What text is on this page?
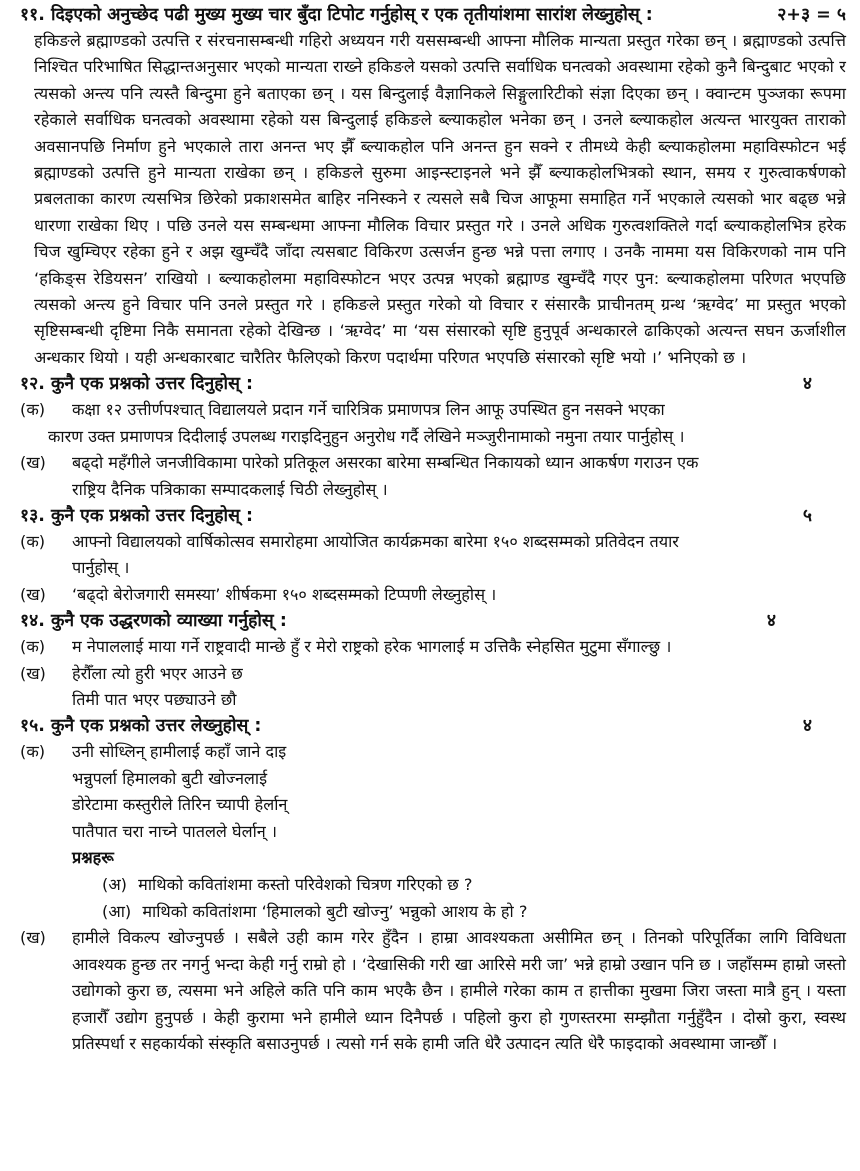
११. दिइएको अनुच्छेद पढी मुख्य मुख्य चार बुँदा टिपोट गर्नुहोस् र एक तृतीयांशमा सारांश लेख्नुहोस् :	२+३ = ५

हकिङले ब्रह्माण्डको उत्पत्ति र संरचनासम्बन्धी गहिरो अध्ययन गरी यससम्बन्धी आफ्ना मौलिक मान्यता प्रस्तुत गरेका छन् । ब्रह्माण्डको उत्पत्ति निश्चित परिभाषित सिद्धान्तअनुसार भएको मान्यता राख्ने हकिङले यसको उत्पत्ति सर्वाधिक घनत्वको अवस्थामा रहेको कुनै बिन्दुबाट भएको र त्यसको अन्त्य पनि त्यस्तै बिन्दुमा हुने बताएका छन् । यस बिन्दुलाई वैज्ञानिकले सिङ्गुलारिटीको संज्ञा दिएका छन् । क्वान्टम पुञ्जका रूपमा रहेकाले सर्वाधिक घनत्वको अवस्थामा रहेको यस बिन्दुलाई हकिङले ब्ल्याकहोल भनेका छन् । उनले ब्ल्याकहोल अत्यन्त भारयुक्त ताराको अवसानपछि निर्माण हुने भएकाले तारा अनन्त भए झैँ ब्ल्याकहोल पनि अनन्त हुन सक्ने र तीमध्ये केही ब्ल्याकहोलमा महाविस्फोटन भई ब्रह्माण्डको उत्पत्ति हुने मान्यता राखेका छन् । हकिङले सुरुमा आइन्स्टाइनले भने झैँ ब्ल्याकहोलभित्रको स्थान, समय र गुरुत्वाकर्षणको प्रबलताका कारण त्यसभित्र छिरेको प्रकाशसमेत बाहिर ननिस्कने र त्यसले सबै चिज आफूमा समाहित गर्ने भएकाले त्यसको भार बढ्छ भन्ने धारणा राखेका थिए । पछि उनले यस सम्बन्धमा आफ्ना मौलिक विचार प्रस्तुत गरे । उनले अधिक गुरुत्वशक्तिले गर्दा ब्ल्याकहोलभित्र हरेक चिज खुम्चिएर रहेका हुने र अझ खुम्चँदै जाँदा त्यसबाट विकिरण उत्सर्जन हुन्छ भन्ने पत्ता लगाए । उनकै नाममा यस विकिरणको नाम पनि ‘हकिङ्स रेडियसन’ राखियो । ब्ल्याकहोलमा महाविस्फोटन भएर उत्पन्न भएको ब्रह्माण्ड खुम्चँदै गएर पुन: ब्ल्याकहोलमा परिणत भएपछि त्यसको अन्त्य हुने विचार पनि उनले प्रस्तुत गरे । हकिङले प्रस्तुत गरेको यो विचार र संसारकै प्राचीनतम् ग्रन्थ ‘ऋग्वेद’ मा प्रस्तुत भएको सृष्टिसम्बन्धी दृष्टिमा निकै समानता रहेको देखिन्छ । ‘ऋग्वेद’ मा ‘यस संसारको सृष्टि हुनुपूर्व अन्धकारले ढाकिएको अत्यन्त सघन ऊर्जाशील अन्धकार थियो । यही अन्धकारबाट चारैतिर फैलिएको किरण पदार्थमा परिणत भएपछि संसारको सृष्टि भयो ।’ भनिएको छ ।

१२. कुनै एक प्रश्नको उत्तर दिनुहोस् :	४

(क) कक्षा १२ उत्तीर्णपश्चात् विद्यालयले प्रदान गर्ने चारित्रिक प्रमाणपत्र लिन आफू उपस्थित हुन नसक्ने भएका
कारण उक्त प्रमाणपत्र दिदीलाई उपलब्ध गराइदिनुहुन अनुरोध गर्दै लेखिने मञ्जुरीनामाको नमुना तयार पार्नुहोस् ।

(ख) बढ्दो महँगीले जनजीविकामा पारेको प्रतिकूल असरका बारेमा सम्बन्धित निकायको ध्यान आकर्षण गराउन एक
राष्ट्रिय दैनिक पत्रिकाका सम्पादकलाई चिठी लेख्नुहोस् ।

१३. कुनै एक प्रश्नको उत्तर दिनुहोस् :	५

(क) आफ्नो विद्यालयको वार्षिकोत्सव समारोहमा आयोजित कार्यक्रमका बारेमा १५० शब्दसम्मको प्रतिवेदन तयार
पार्नुहोस् ।

(ख) ‘बढ्दो बेरोजगारी समस्या’ शीर्षकमा १५० शब्दसम्मको टिप्पणी लेख्नुहोस् ।

१४. कुनै एक उद्धरणको व्याख्या गर्नुहोस् :	४

(क) म नेपाललाई माया गर्ने राष्ट्रवादी मान्छे हुँ र मेरो राष्ट्रको हरेक भागलाई म उत्तिकै स्नेहसित मुटुमा सँगाल्छु ।

(ख) हेरौँला त्यो हुरी भएर आउने छ
तिमी पात भएर पछ्याउने छौ

१५. कुनै एक प्रश्नको उत्तर लेख्नुहोस् :	४
(क) उनी सोध्लिन् हामीलाई कहाँ जाने दाइ
भन्नुपर्ला हिमालको बुटी खोज्नलाई
डोरेटामा कस्तुरीले तिरिन च्यापी हेर्लान्
पातैपात चरा नाच्ने पातलले घेर्लान् ।
प्रश्नहरू
(अ) माथिको कवितांशमा कस्तो परिवेशको चित्रण गरिएको छ ?
(आ) माथिको कवितांशमा ‘हिमालको बुटी खोज्नु’ भन्नुको आशय के हो ?

(ख) हामीले विकल्प खोज्नुपर्छ । सबैले उही काम गरेर हुँदैन । हाम्रा आवश्यकता असीमित छन् । तिनको परिपूर्तिका लागि विविधता आवश्यक हुन्छ तर नगर्नु भन्दा केही गर्नु राम्रो हो । ‘देखासिकी गरी खा आरिसे मरी जा’ भन्ने हाम्रो उखान पनि छ । जहाँसम्म हाम्रो जस्तो उद्योगको कुरा छ, त्यसमा भने अहिले कति पनि काम भएकै छैन । हामीले गरेका काम त हात्तीका मुखमा जिरा जस्ता मात्रै हुन् । यस्ता हजारौँ उद्योग हुनुपर्छ । केही कुरामा भने हामीले ध्यान दिनैपर्छ । पहिलो कुरा हो गुणस्तरमा सम्झौता गर्नुहुँदैन । दोस्रो कुरा, स्वस्थ प्रतिस्पर्धा र सहकार्यको संस्कृति बसाउनुपर्छ । त्यसो गर्न सके हामी जति धेरै उत्पादन त्यति धेरै फाइदाको अवस्थामा जान्छौँ ।
